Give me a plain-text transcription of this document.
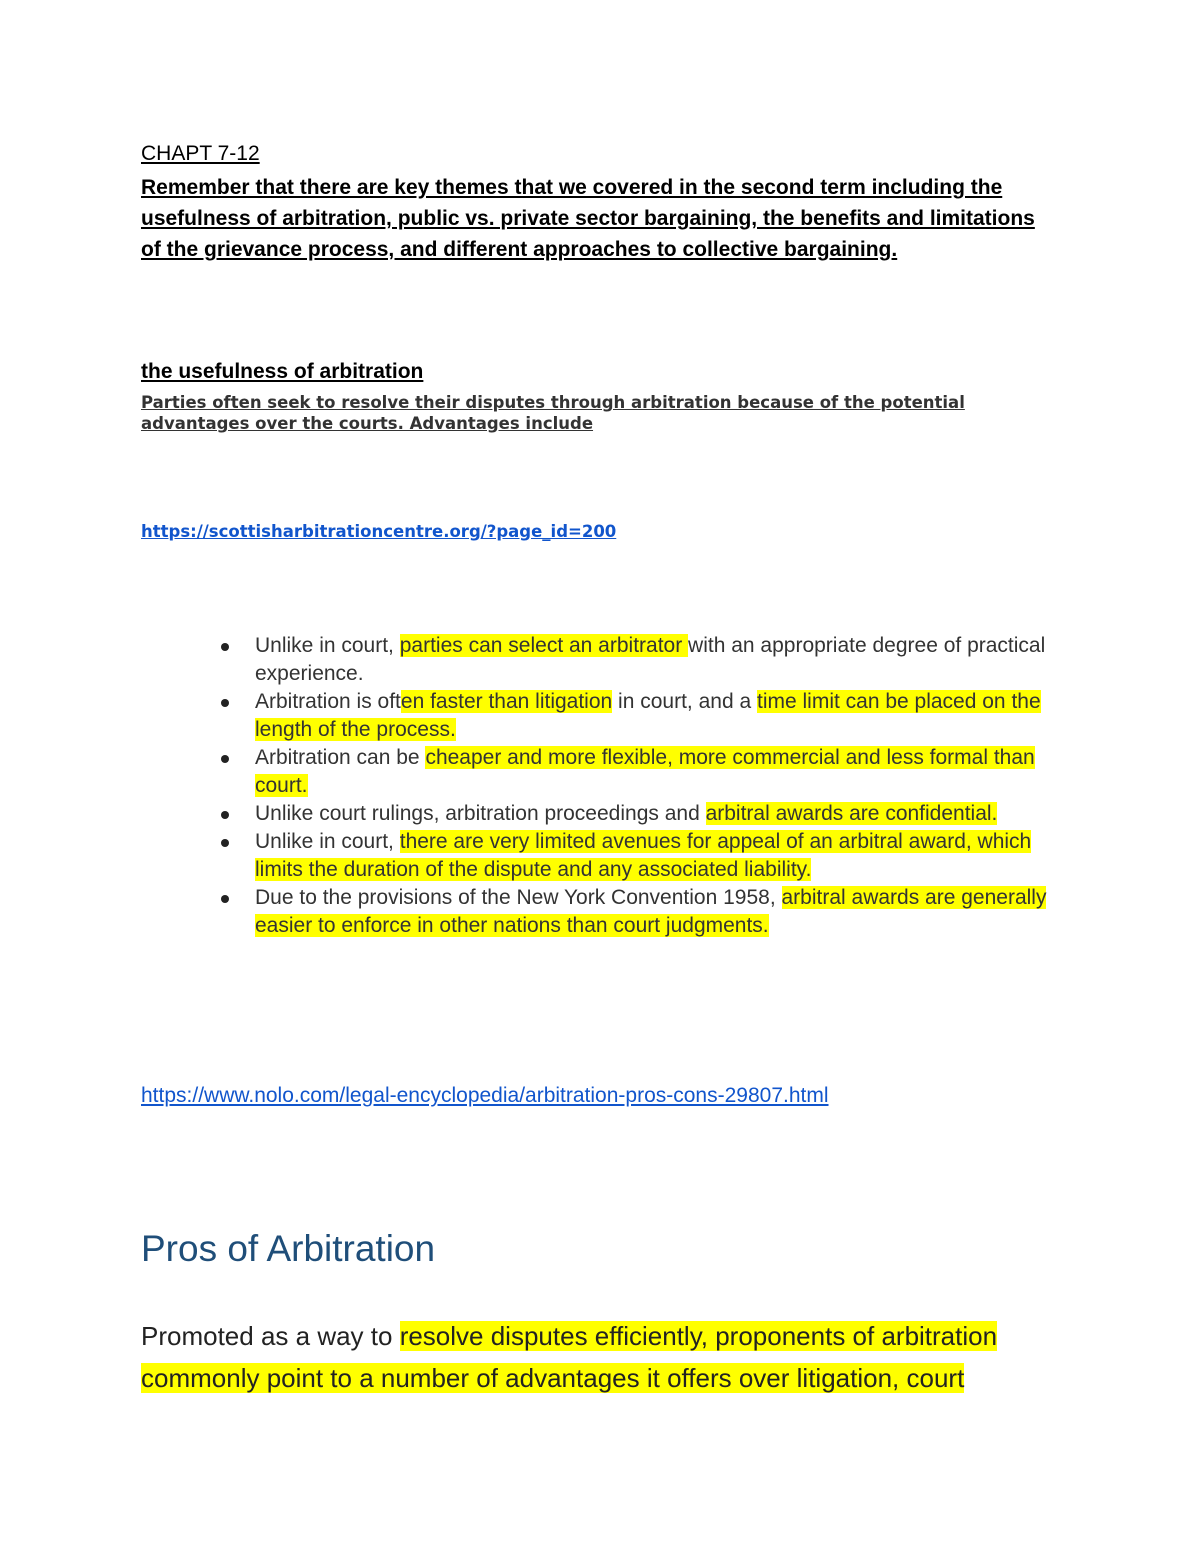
CHAPT 7-12

Remember that there are key themes that we covered in the second term including the usefulness of arbitration, public vs. private sector bargaining, the benefits and limitations of the grievance process, and different approaches to collective bargaining.

the usefulness of arbitration

Parties often seek to resolve their disputes through arbitration because of the potential advantages over the courts. Advantages include

https://scottisharbitrationcentre.org/?page_id=200
Unlike in court, parties can select an arbitrator with an appropriate degree of practical experience.
Arbitration is often faster than litigation in court, and a time limit can be placed on the length of the process.
Arbitration can be cheaper and more flexible, more commercial and less formal than court.
Unlike court rulings, arbitration proceedings and arbitral awards are confidential.
Unlike in court, there are very limited avenues for appeal of an arbitral award, which limits the duration of the dispute and any associated liability.
Due to the provisions of the New York Convention 1958, arbitral awards are generally easier to enforce in other nations than court judgments.
https://www.nolo.com/legal-encyclopedia/arbitration-pros-cons-29807.html
Pros of Arbitration

Promoted as a way to resolve disputes efficiently, proponents of arbitration commonly point to a number of advantages it offers over litigation, court
